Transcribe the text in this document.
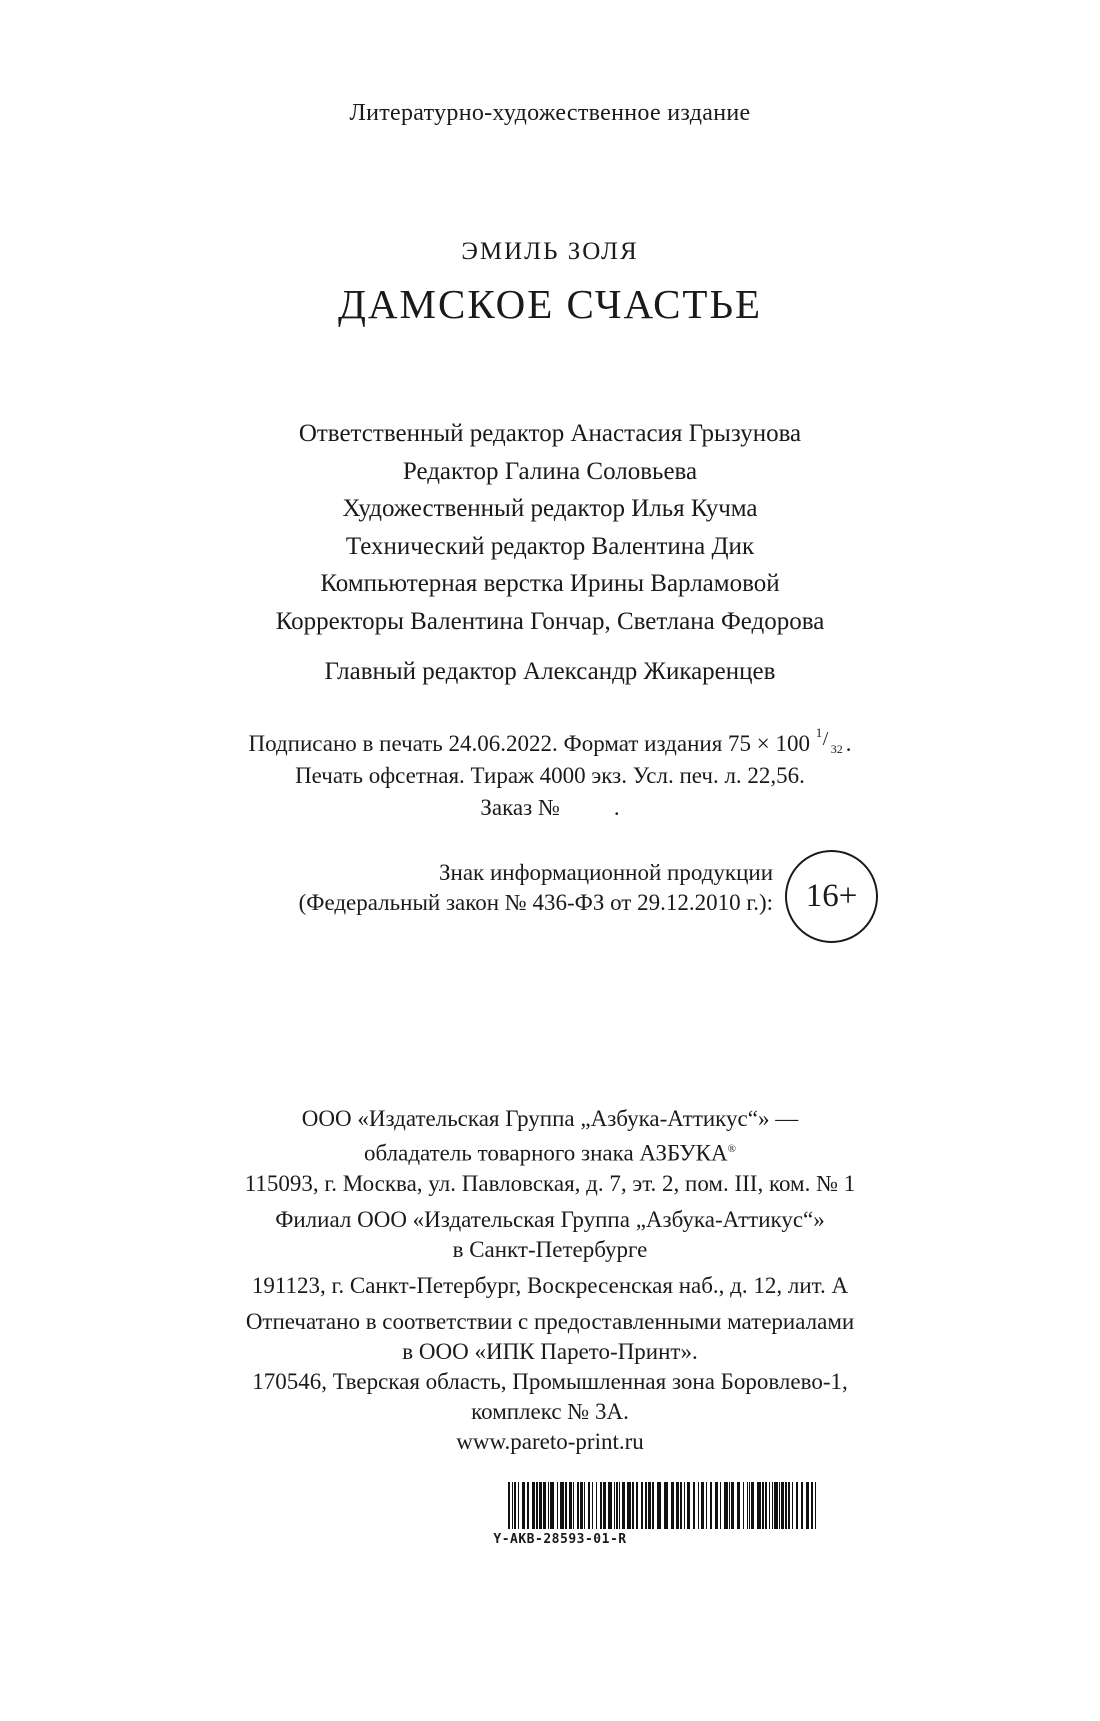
Литературно-художественное издание
ЭМИЛЬ ЗОЛЯ
ДАМСКОЕ СЧАСТЬЕ
Ответственный редактор Анастасия Грызунова
Редактор Галина Соловьева
Художественный редактор Илья Кучма
Технический редактор Валентина Дик
Компьютерная верстка Ирины Варламовой
Корректоры Валентина Гончар, Светлана Федорова
Главный редактор Александр Жикаренцев
Подписано в печать 24.06.2022. Формат издания 75 × 100 1 / 32 .
Печать офсетная. Тираж 4000 экз. Усл. печ. л. 22,56.
Заказ № .
Знак информационной продукции
(Федеральный закон № 436-ФЗ от 29.12.2010 г.): 16+
ООО «Издательская Группа „Азбука-Аттикус“» —
обладатель товарного знака АЗБУКА®
115093, г. Москва, ул. Павловская, д. 7, эт. 2, пом. III, ком. № 1
Филиал ООО «Издательская Группа „Азбука-Аттикус“»
в Санкт-Петербурге
191123, г. Санкт-Петербург, Воскресенская наб., д. 12, лит. А
Отпечатано в соответствии с предоставленными материалами
в ООО «ИПК Парето-Принт».
170546, Тверская область, Промышленная зона Боровлево-1,
комплекс № 3А.
www.pareto-print.ru
Y-AKB-28593-01-R
